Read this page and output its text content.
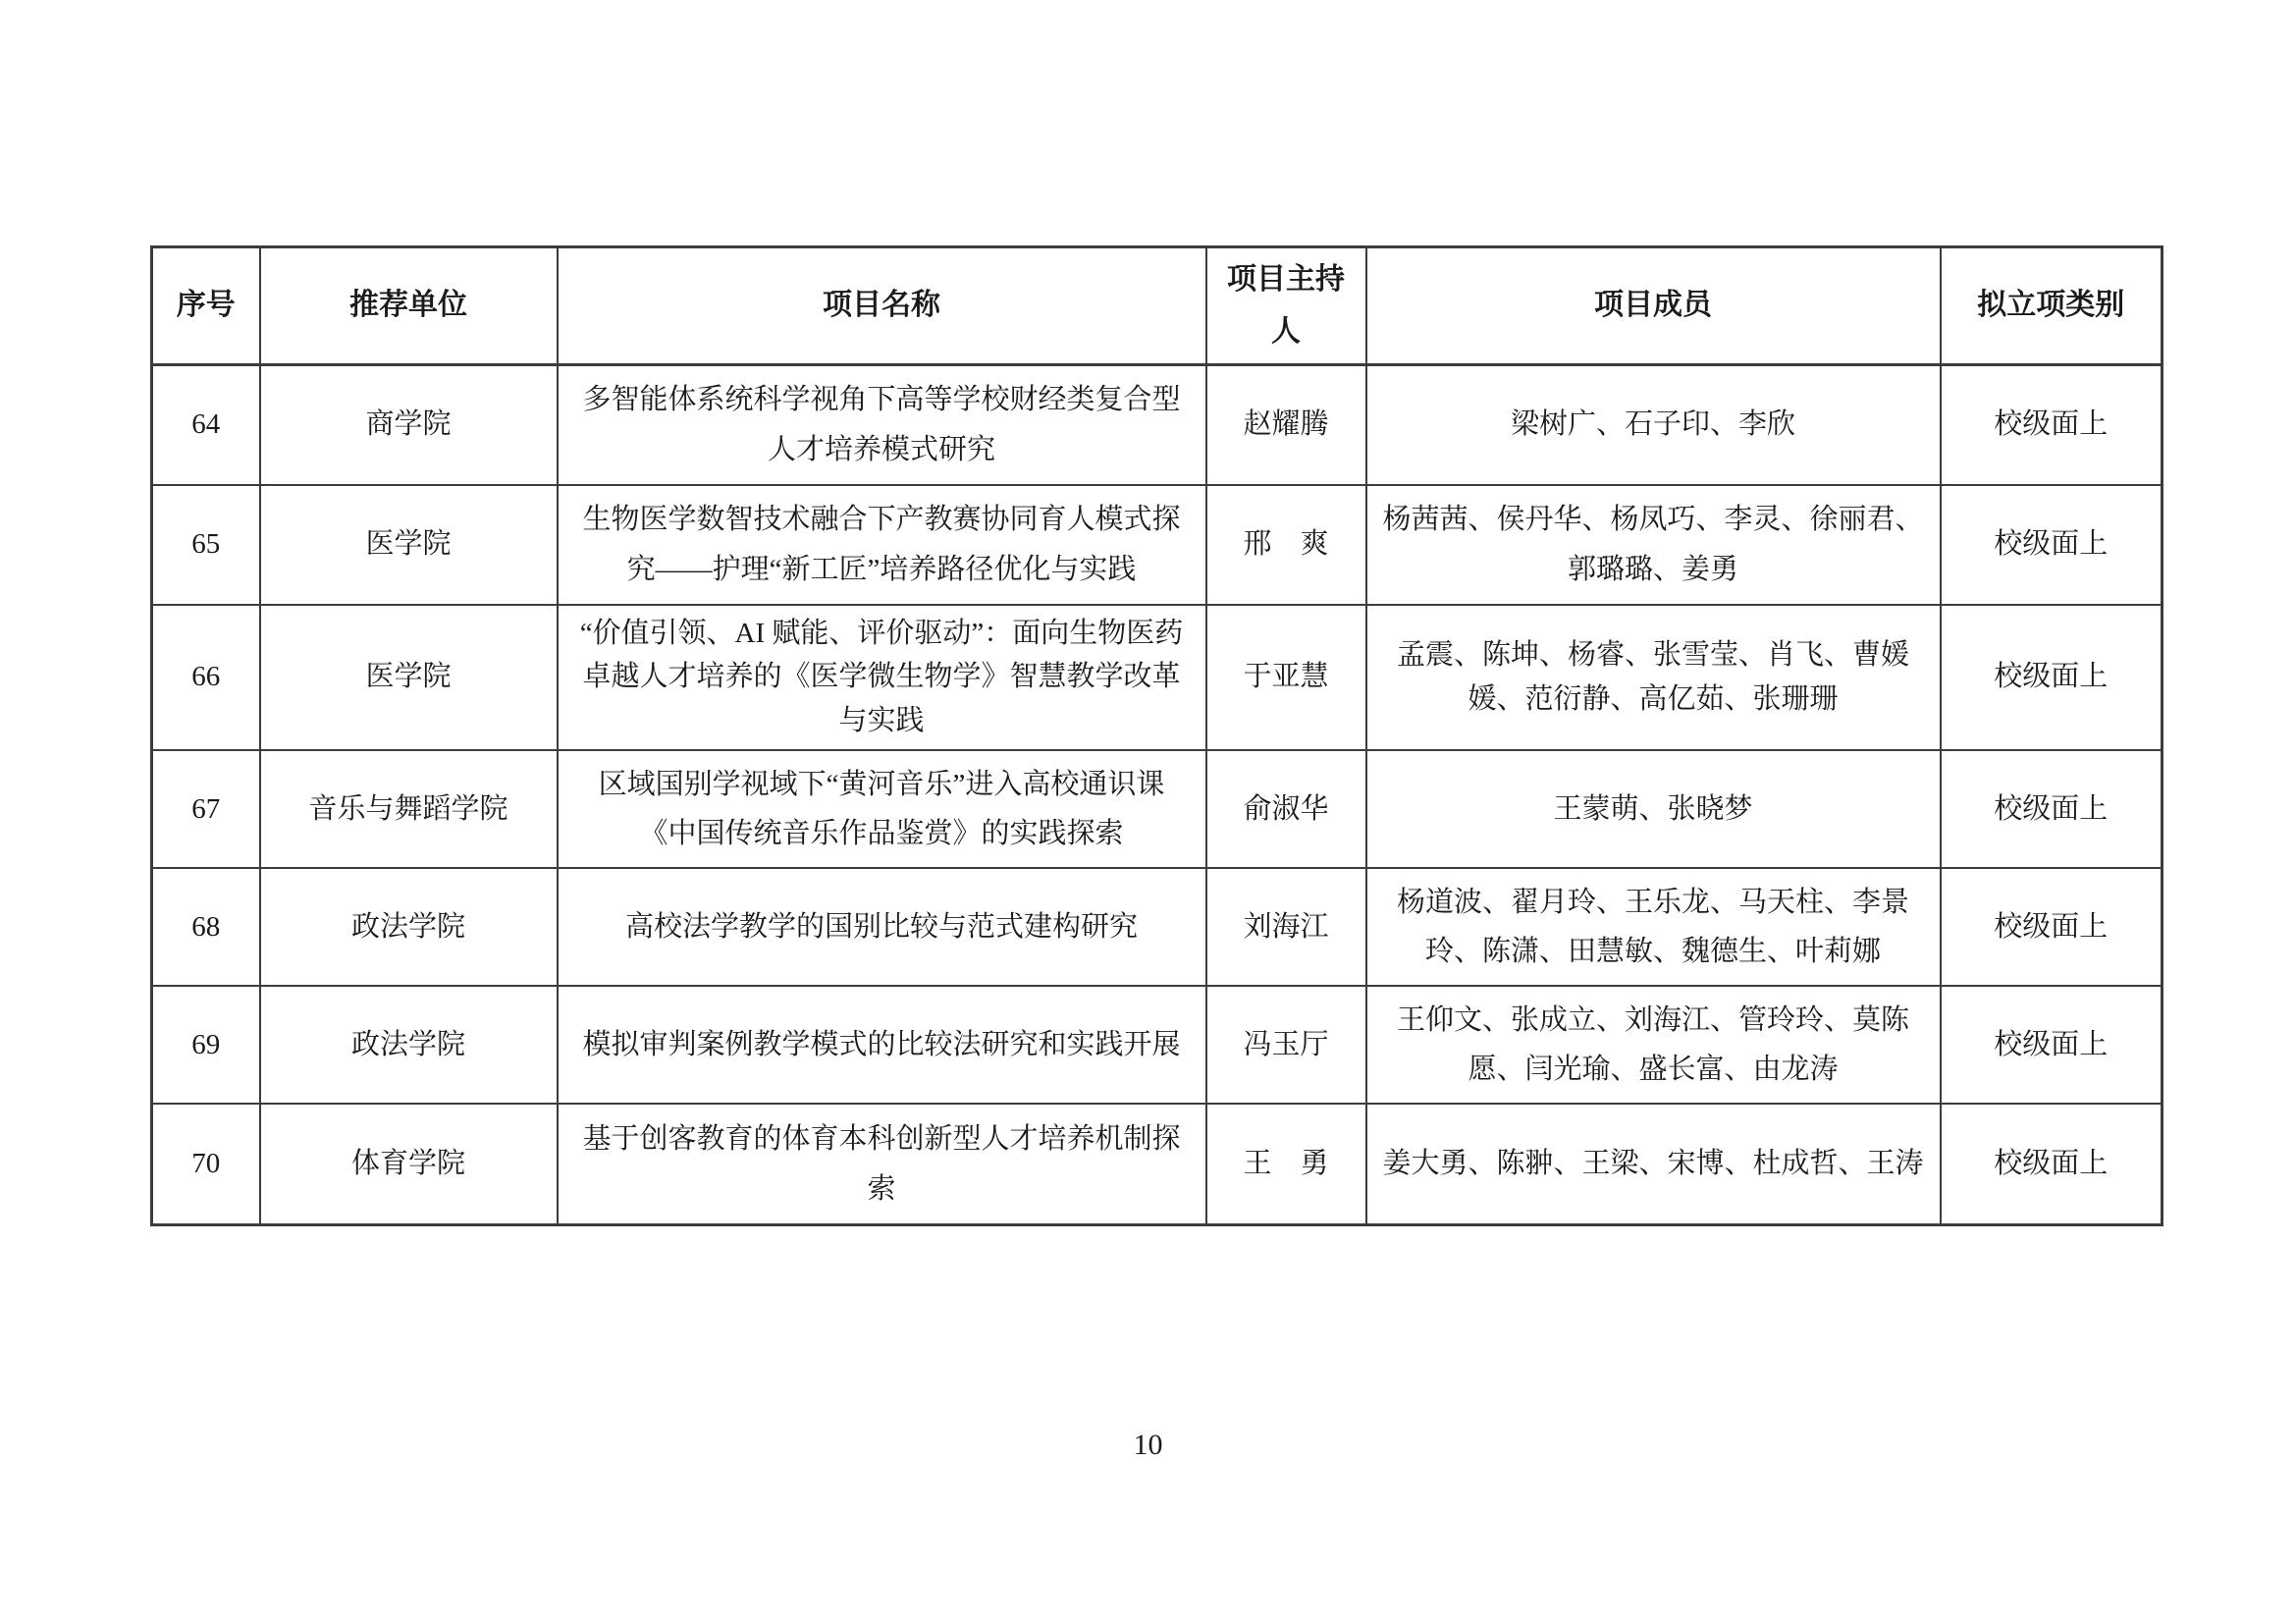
序号	推荐单位	项目名称	项目主持人	项目成员	拟立项类别
64	商学院	多智能体系统科学视角下高等学校财经类复合型人才培养模式研究	赵耀腾	梁树广、石子印、李欣	校级面上
65	医学院	生物医学数智技术融合下产教赛协同育人模式探究——护理“新工匠”培养路径优化与实践	邢　爽	杨茜茜、侯丹华、杨凤巧、李灵、徐丽君、郭璐璐、姜勇	校级面上
66	医学院	“价值引领、AI 赋能、评价驱动”：面向生物医药卓越人才培养的《医学微生物学》智慧教学改革与实践	于亚慧	孟震、陈坤、杨睿、张雪莹、肖飞、曹媛媛、范衍静、高亿茹、张珊珊	校级面上
67	音乐与舞蹈学院	区域国别学视域下“黄河音乐”进入高校通识课《中国传统音乐作品鉴赏》的实践探索	俞淑华	王蒙萌、张晓梦	校级面上
68	政法学院	高校法学教学的国别比较与范式建构研究	刘海江	杨道波、翟月玲、王乐龙、马天柱、李景玲、陈潇、田慧敏、魏德生、叶莉娜	校级面上
69	政法学院	模拟审判案例教学模式的比较法研究和实践开展	冯玉厅	王仰文、张成立、刘海江、管玲玲、莫陈愿、闫光瑜、盛长富、由龙涛	校级面上
70	体育学院	基于创客教育的体育本科创新型人才培养机制探索	王　勇	姜大勇、陈翀、王梁、宋博、杜成哲、王涛	校级面上
10
